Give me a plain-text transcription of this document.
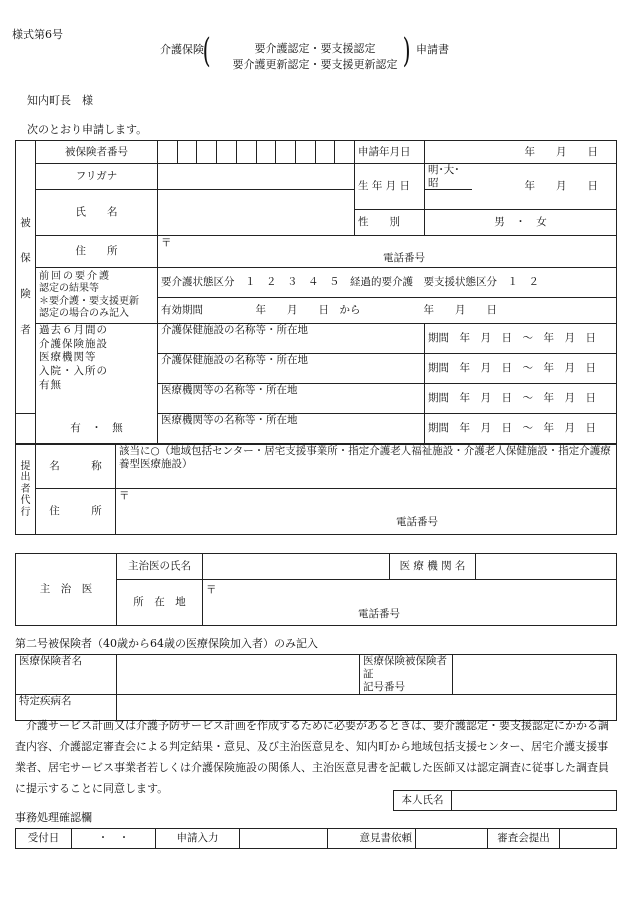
様式第6号
介護保険
(	要介護認定・要支援認定
要介護更新認定・要支援更新認定 ) 申請書
知内町長　様
次のとおり申請します。
被

保

険

者	被保険者番号		申請年月日	年　　月　　日	
	フリガナ		生 年 月 日	明･大･昭	年　　月　　日
	氏　　名				
			性　　別	男　・　女	
	住　　所	〒
電話番号			

	前回の要介護
認定の結果等
＊要介護・要支援更新
認定の場合のみ記入	要介護状態区分　１　２　３　４　５　経過的要介護　要支援状態区分　１　２			
		有効期間　　　　　年　　月　　日　から　　　　　　年　　月　　日			

	過去６月間の
介護保険施設
医療機関等
入院・入所の
有無	介護保健施設の名称等・所在地		期間　年　月　日　～　年　月　日	
		介護保健施設の名称等・所在地		期間　年　月　日　～　年　月　日	
		医療機関等の名称等・所在地		期間　年　月　日　～　年　月　日	
	有　・　無	医療機関等の名称等・所在地		期間　年　月　日　～　年　月　日	
提
出
者
代
行	名　　　称	該当に○（地域包括センター・居宅支援事業所・指定介護老人福祉施設・介護老人保健施設・指定介護療養型医療施設）
	住　　　所	〒
電話番号
主　治　医	主治医の氏名		医 療 機 関 名	
	所　在　地	〒
電話番号		
第二号被保険者（40歳から64歳の医療保険加入者）のみ記入
医療保険者名		医療保険被保険者証
記号番号	

特定疾病名			
　介護サービス計画又は介護予防サービス計画を作成するために必要があるときは、要介護認定・要支援認定にかかる調査内容、介護認定審査会による判定結果・意見、及び主治医意見を、知内町から地域包括支援センター、居宅介護支援事業者、居宅サービス事業者若しくは介護保険施設の関係人、主治医意見書を記載した医師又は認定調査に従事した調査員に提示することに同意します。
本人氏名	
事務処理確認欄
受付日	・　・	申請入力		意見書依頼		審査会提出	
